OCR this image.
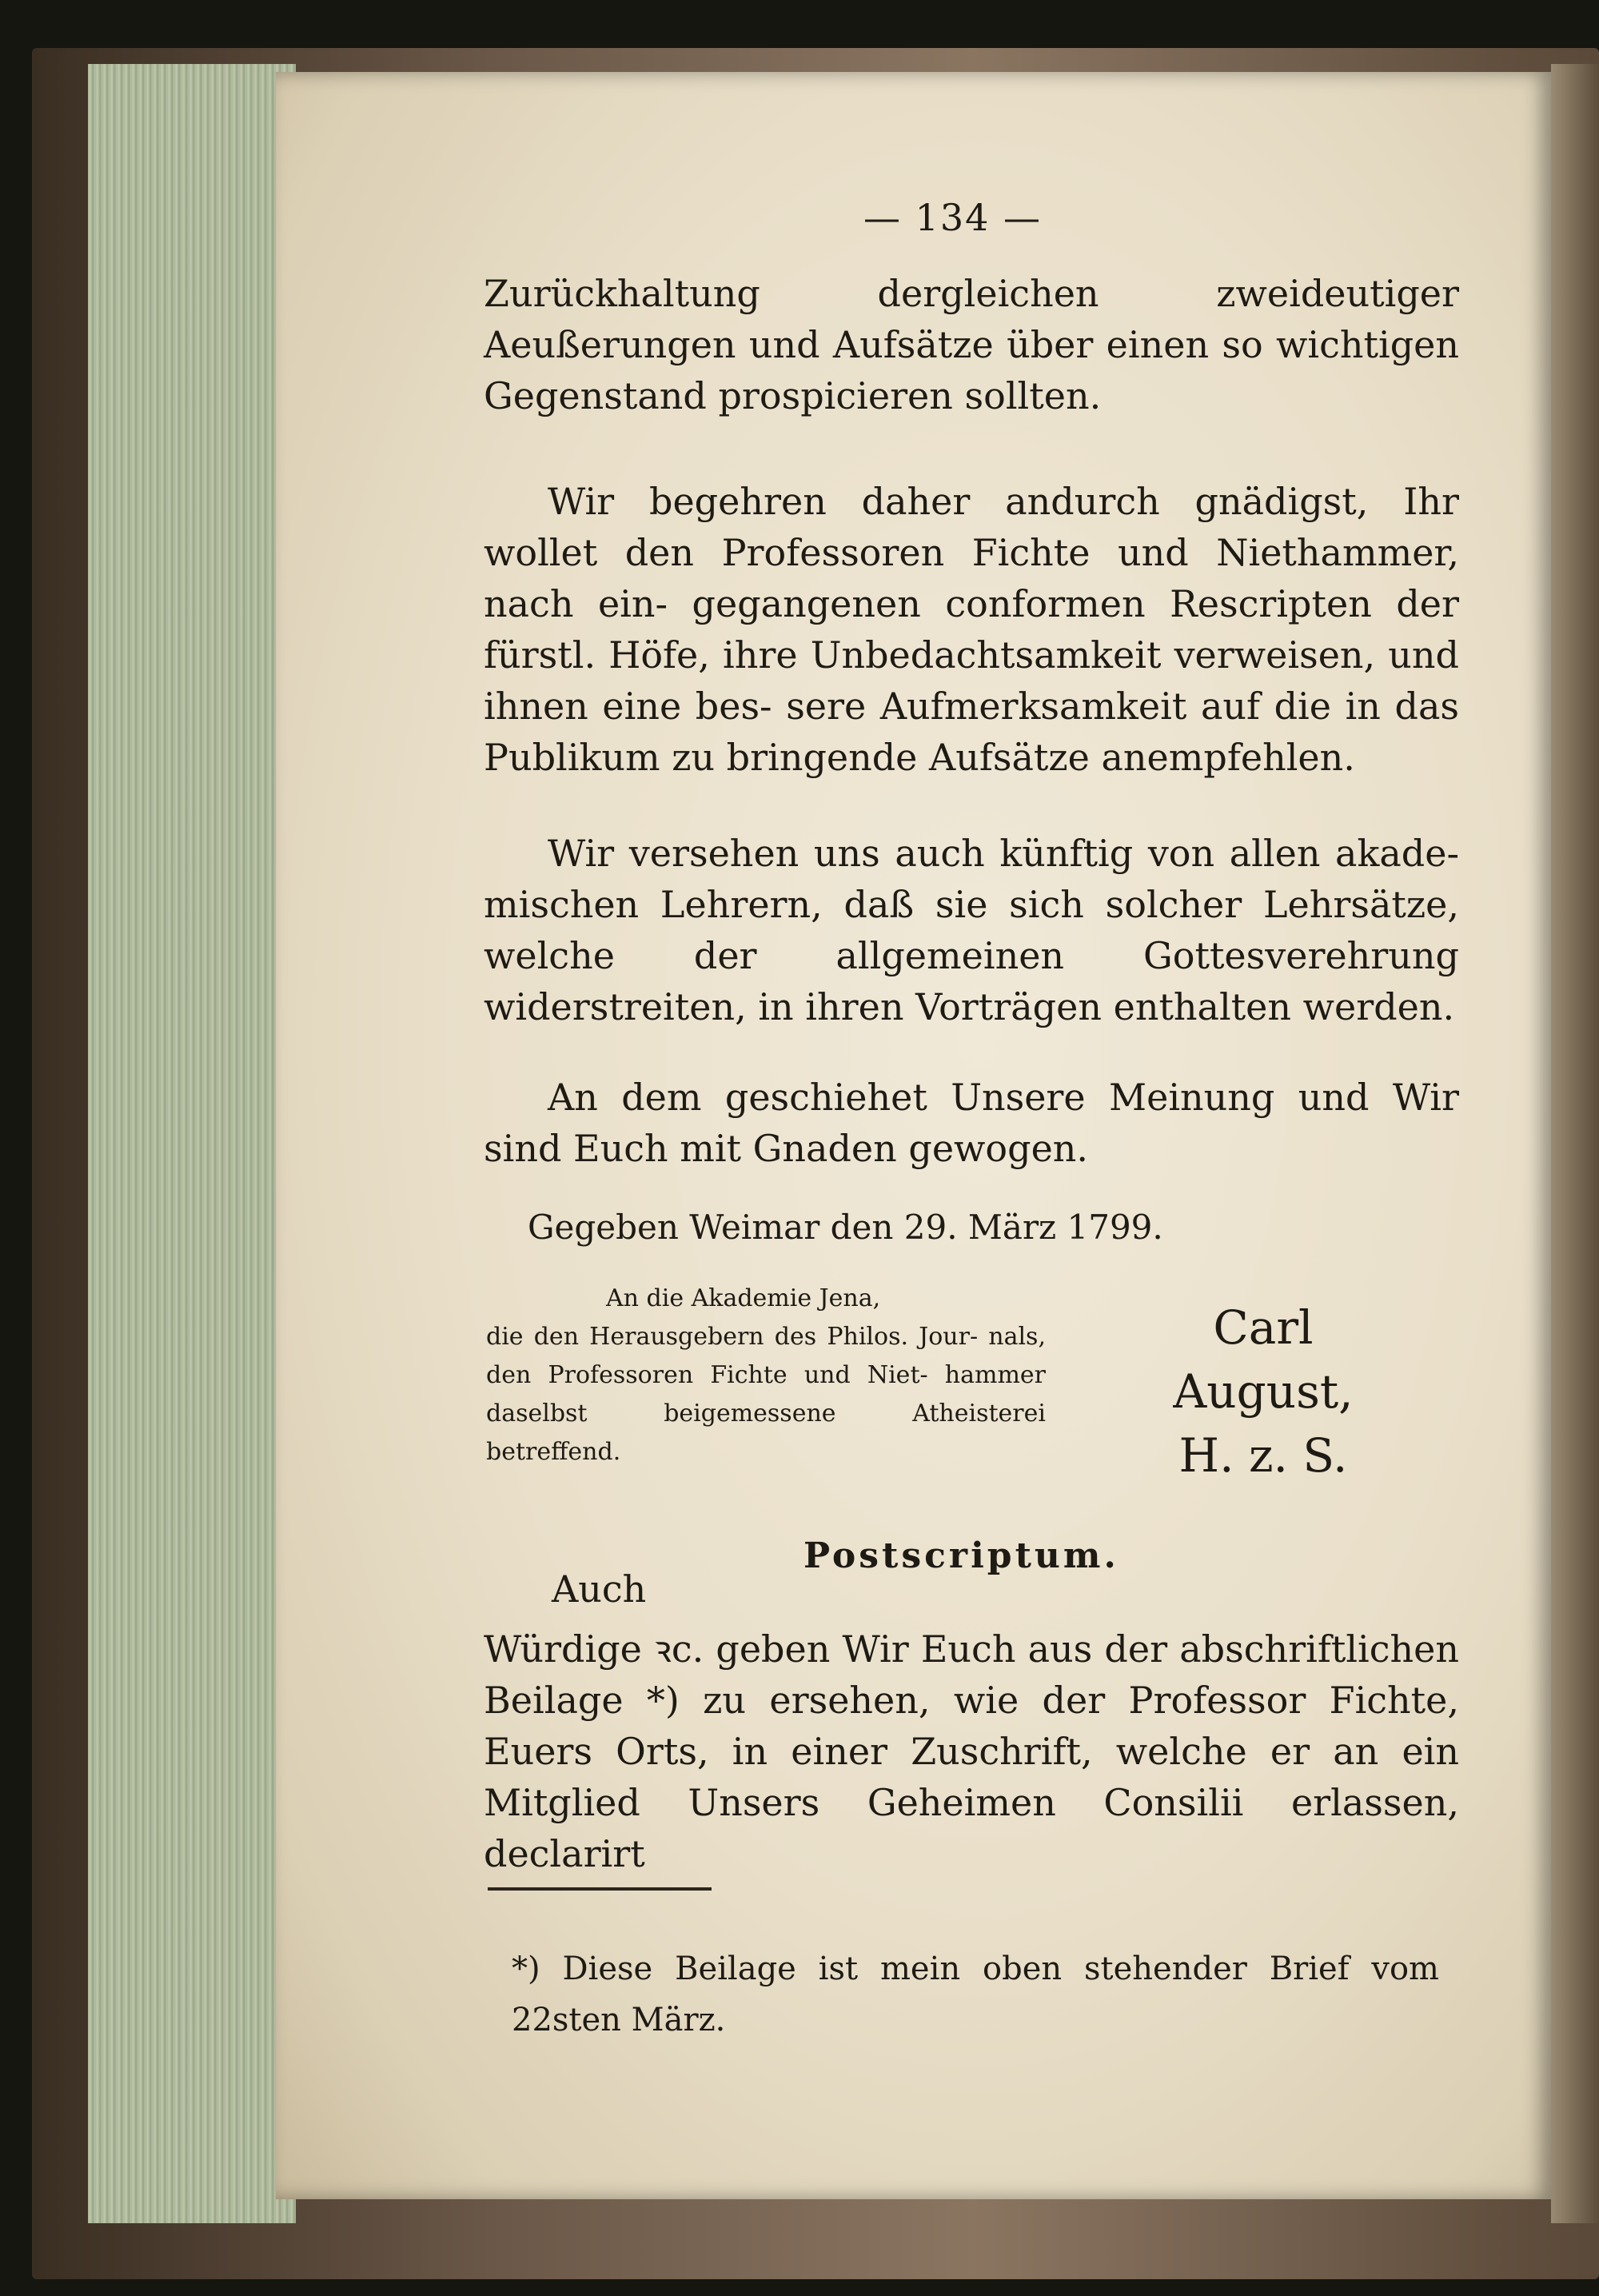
— 134 —

Zurückhaltung dergleichen zweideutiger Aeußerungen und Aufsätze über einen so wichtigen Gegenstand prospicieren sollten.

Wir begehren daher andurch gnädigst, Ihr wollet den Professoren Fichte und Niethammer, nach ein- gegangenen conformen Rescripten der fürstl. Höfe, ihre Unbedachtsamkeit verweisen, und ihnen eine bes- sere Aufmerksamkeit auf die in das Publikum zu bringende Aufsätze anempfehlen.

Wir versehen uns auch künftig von allen akade- mischen Lehrern, daß sie sich solcher Lehrsätze, welche der allgemeinen Gottesverehrung widerstreiten, in ihren Vorträgen enthalten werden.

An dem geschiehet Unsere Meinung und Wir sind Euch mit Gnaden gewogen.

Gegeben Weimar den 29. März 1799.
An die Akademie Jena,
die den Herausgebern des Philos. Jour- nals, den Professoren Fichte und Niet- hammer daselbst beigemessene Atheisterei betreffend.
Carl August,
H. z. S.
Postscriptum.
Auch

Würdige ꝛc. geben Wir Euch aus der abschriftlichen Beilage *) zu ersehen, wie der Professor Fichte, Euers Orts, in einer Zuschrift, welche er an ein Mitglied Unsers Geheimen Consilii erlassen, declarirt

*) Diese Beilage ist mein oben stehender Brief vom 22sten März.
